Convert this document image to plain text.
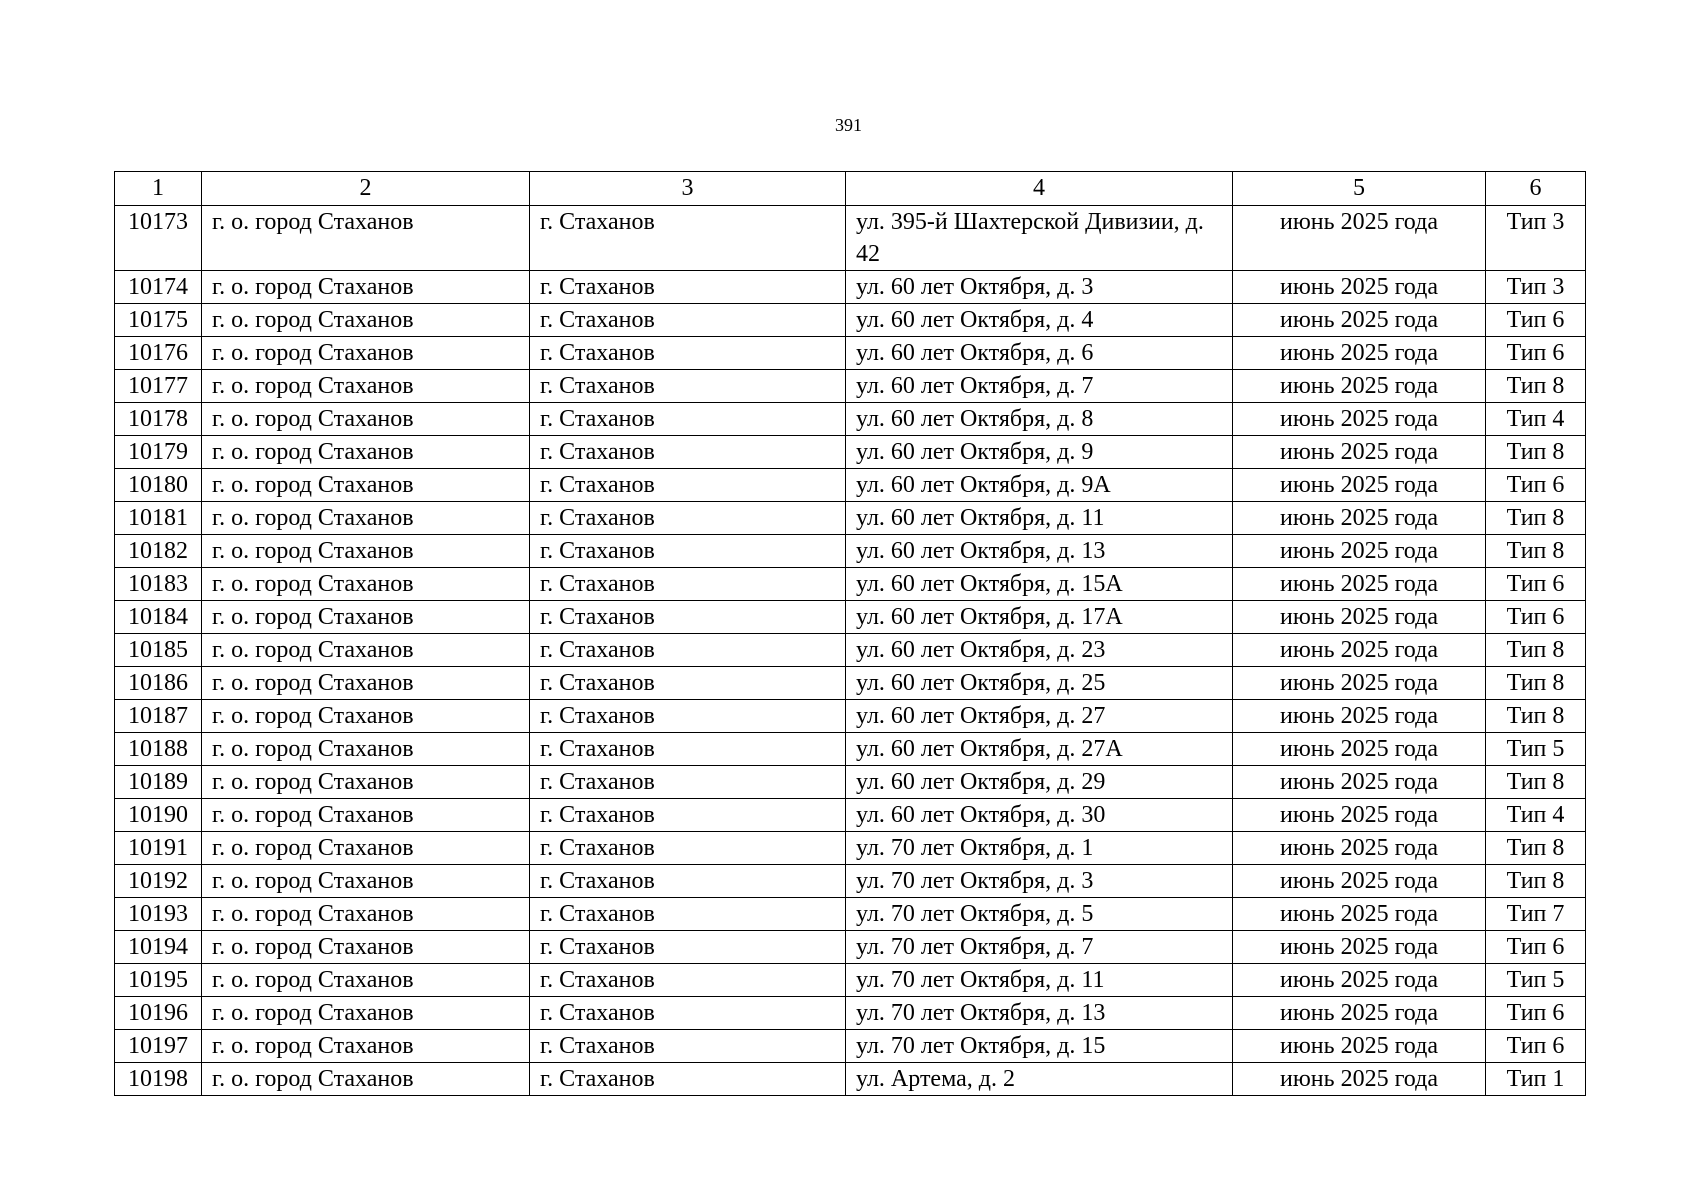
391
1	2	3	4	5	6
10173	г. о. город Стаханов	г. Стаханов	ул. 395-й Шахтерской Дивизии, д. 42	июнь 2025 года	Тип 3
10174	г. о. город Стаханов	г. Стаханов	ул. 60 лет Октября, д. 3	июнь 2025 года	Тип 3
10175	г. о. город Стаханов	г. Стаханов	ул. 60 лет Октября, д. 4	июнь 2025 года	Тип 6
10176	г. о. город Стаханов	г. Стаханов	ул. 60 лет Октября, д. 6	июнь 2025 года	Тип 6
10177	г. о. город Стаханов	г. Стаханов	ул. 60 лет Октября, д. 7	июнь 2025 года	Тип 8
10178	г. о. город Стаханов	г. Стаханов	ул. 60 лет Октября, д. 8	июнь 2025 года	Тип 4
10179	г. о. город Стаханов	г. Стаханов	ул. 60 лет Октября, д. 9	июнь 2025 года	Тип 8
10180	г. о. город Стаханов	г. Стаханов	ул. 60 лет Октября, д. 9А	июнь 2025 года	Тип 6
10181	г. о. город Стаханов	г. Стаханов	ул. 60 лет Октября, д. 11	июнь 2025 года	Тип 8
10182	г. о. город Стаханов	г. Стаханов	ул. 60 лет Октября, д. 13	июнь 2025 года	Тип 8
10183	г. о. город Стаханов	г. Стаханов	ул. 60 лет Октября, д. 15А	июнь 2025 года	Тип 6
10184	г. о. город Стаханов	г. Стаханов	ул. 60 лет Октября, д. 17А	июнь 2025 года	Тип 6
10185	г. о. город Стаханов	г. Стаханов	ул. 60 лет Октября, д. 23	июнь 2025 года	Тип 8
10186	г. о. город Стаханов	г. Стаханов	ул. 60 лет Октября, д. 25	июнь 2025 года	Тип 8
10187	г. о. город Стаханов	г. Стаханов	ул. 60 лет Октября, д. 27	июнь 2025 года	Тип 8
10188	г. о. город Стаханов	г. Стаханов	ул. 60 лет Октября, д. 27А	июнь 2025 года	Тип 5
10189	г. о. город Стаханов	г. Стаханов	ул. 60 лет Октября, д. 29	июнь 2025 года	Тип 8
10190	г. о. город Стаханов	г. Стаханов	ул. 60 лет Октября, д. 30	июнь 2025 года	Тип 4
10191	г. о. город Стаханов	г. Стаханов	ул. 70 лет Октября, д. 1	июнь 2025 года	Тип 8
10192	г. о. город Стаханов	г. Стаханов	ул. 70 лет Октября, д. 3	июнь 2025 года	Тип 8
10193	г. о. город Стаханов	г. Стаханов	ул. 70 лет Октября, д. 5	июнь 2025 года	Тип 7
10194	г. о. город Стаханов	г. Стаханов	ул. 70 лет Октября, д. 7	июнь 2025 года	Тип 6
10195	г. о. город Стаханов	г. Стаханов	ул. 70 лет Октября, д. 11	июнь 2025 года	Тип 5
10196	г. о. город Стаханов	г. Стаханов	ул. 70 лет Октября, д. 13	июнь 2025 года	Тип 6
10197	г. о. город Стаханов	г. Стаханов	ул. 70 лет Октября, д. 15	июнь 2025 года	Тип 6
10198	г. о. город Стаханов	г. Стаханов	ул. Артема, д. 2	июнь 2025 года	Тип 1
